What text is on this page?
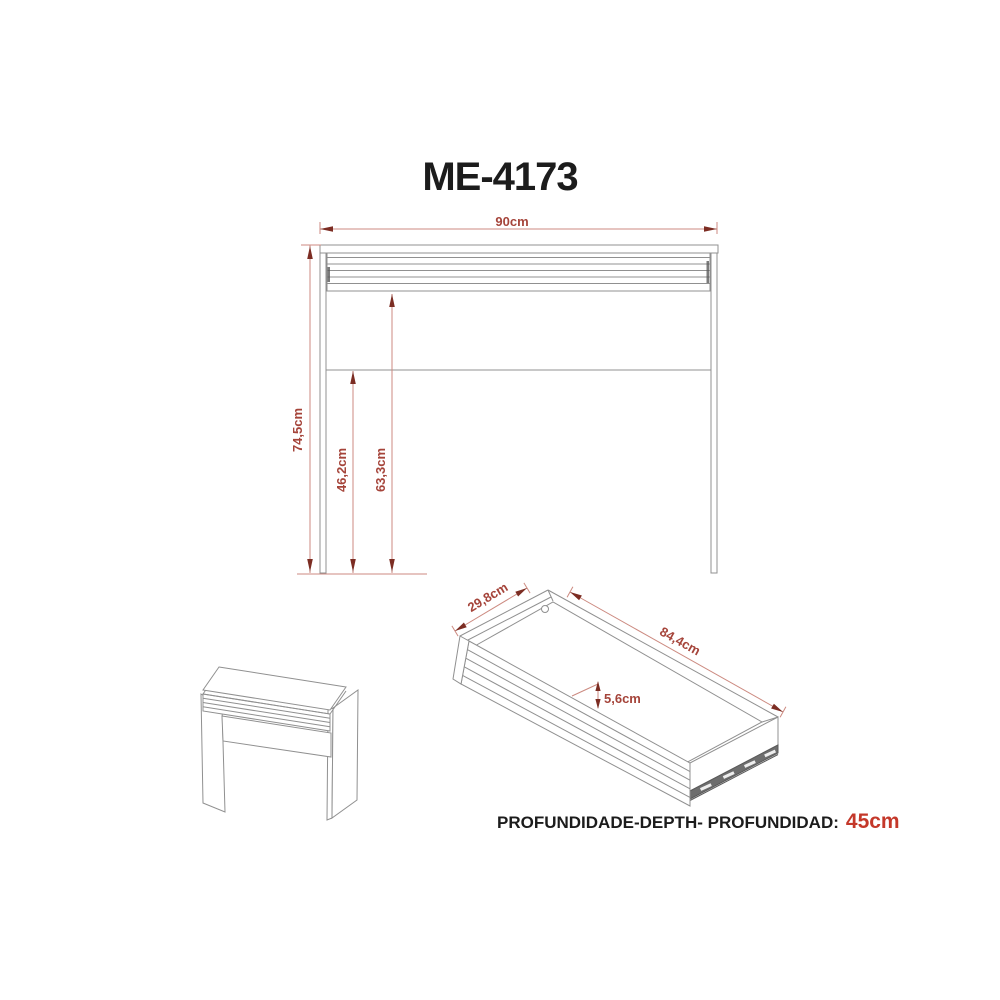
ME-4173
90cm
74,5cm
46,2cm 63,3cm
29,8cm
84,4cm
5,6cm
PROFUNDIDADE-DEPTH- PROFUNDIDAD: 45cm
